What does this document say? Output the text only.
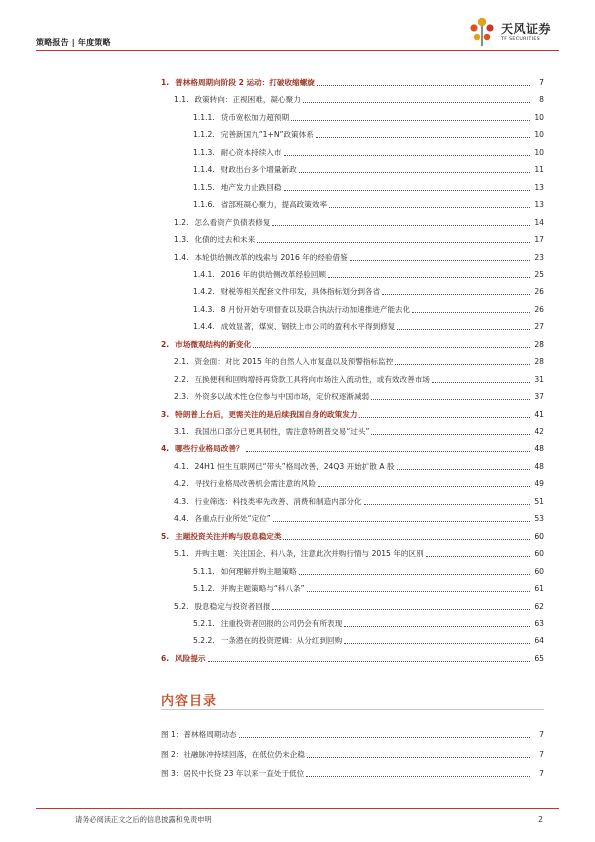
策略报告 | 年度策略
天风证券
TF SECURITIES
1. 普林格周期向阶段 2 运动：打破收缩螺旋	7
1.1. 政策转向：正视困难，凝心聚力	8
1.1.1. 货币宽松加力超预期	10
1.1.2. 完善新国九“1+N”政策体系	10
1.1.3. 耐心资本持续入市	10
1.1.4. 财政出台多个增量新政	11
1.1.5. 地产发力止跌回稳	13
1.1.6. 省部班凝心聚力，提高政策效率	13
1.2. 怎么看资产负债表修复	14
1.3. 化债的过去和未来	17
1.4. 本轮供给侧改革的线索与 2016 年的经验借鉴	23
1.4.1. 2016 年的供给侧改革经验回顾	25
1.4.2. 财税等相关配套文件印发，具体指标划分到各省	26
1.4.3. 8 月份开始专项督查以及联合执法行动加速推进产能去化	26
1.4.4. 成效显著，煤炭、钢铁上市公司的盈利水平得到修复	27
2. 市场微观结构的新变化	28
2.1. 资金面：对比 2015 年的自然人入市复盘以及预警指标监控	28
2.2. 互换便利和回购增持再贷款工具将向市场注入流动性，或有效改善市场	31
2.3. 外资多以战术性仓位参与中国市场，定价权逐渐减弱	37
3. 特朗普上台后，更需关注的是后续我国自身的政策发力	41
3.1. 我国出口部分已更具韧性，需注意特朗普交易“过头”	42
4. 哪些行业格局改善？	48
4.1. 24H1 恒生互联网已“带头”格局改善，24Q3 开始扩散 A 股	48
4.2. 寻找行业格局改善机会需注意的风险	49
4.3. 行业筛选：科技类率先改善、消费和制造内部分化	51
4.4. 各重点行业所处“定位”	53
5. 主题投资关注并购与股息稳定类	60
5.1. 并购主题：关注国企、科八条，注意此次并购行情与 2015 年的区别	60
5.1.1. 如何理解并购主题策略	60
5.1.2. 并购主题策略与“科八条”	61
5.2. 股息稳定与投资者回报	62
5.2.1. 注重投资者回报的公司仍会有所表现	63
5.2.2. 一条潜在的投资逻辑：从分红到回购	64
6. 风险提示	65
内容目录
图 1：普林格周期动态	7
图 2：社融脉冲持续回落，在低位仍未企稳	7
图 3：居民中长贷 23 年以来一直处于低位	7
请务必阅读正文之后的信息披露和免责申明	2
